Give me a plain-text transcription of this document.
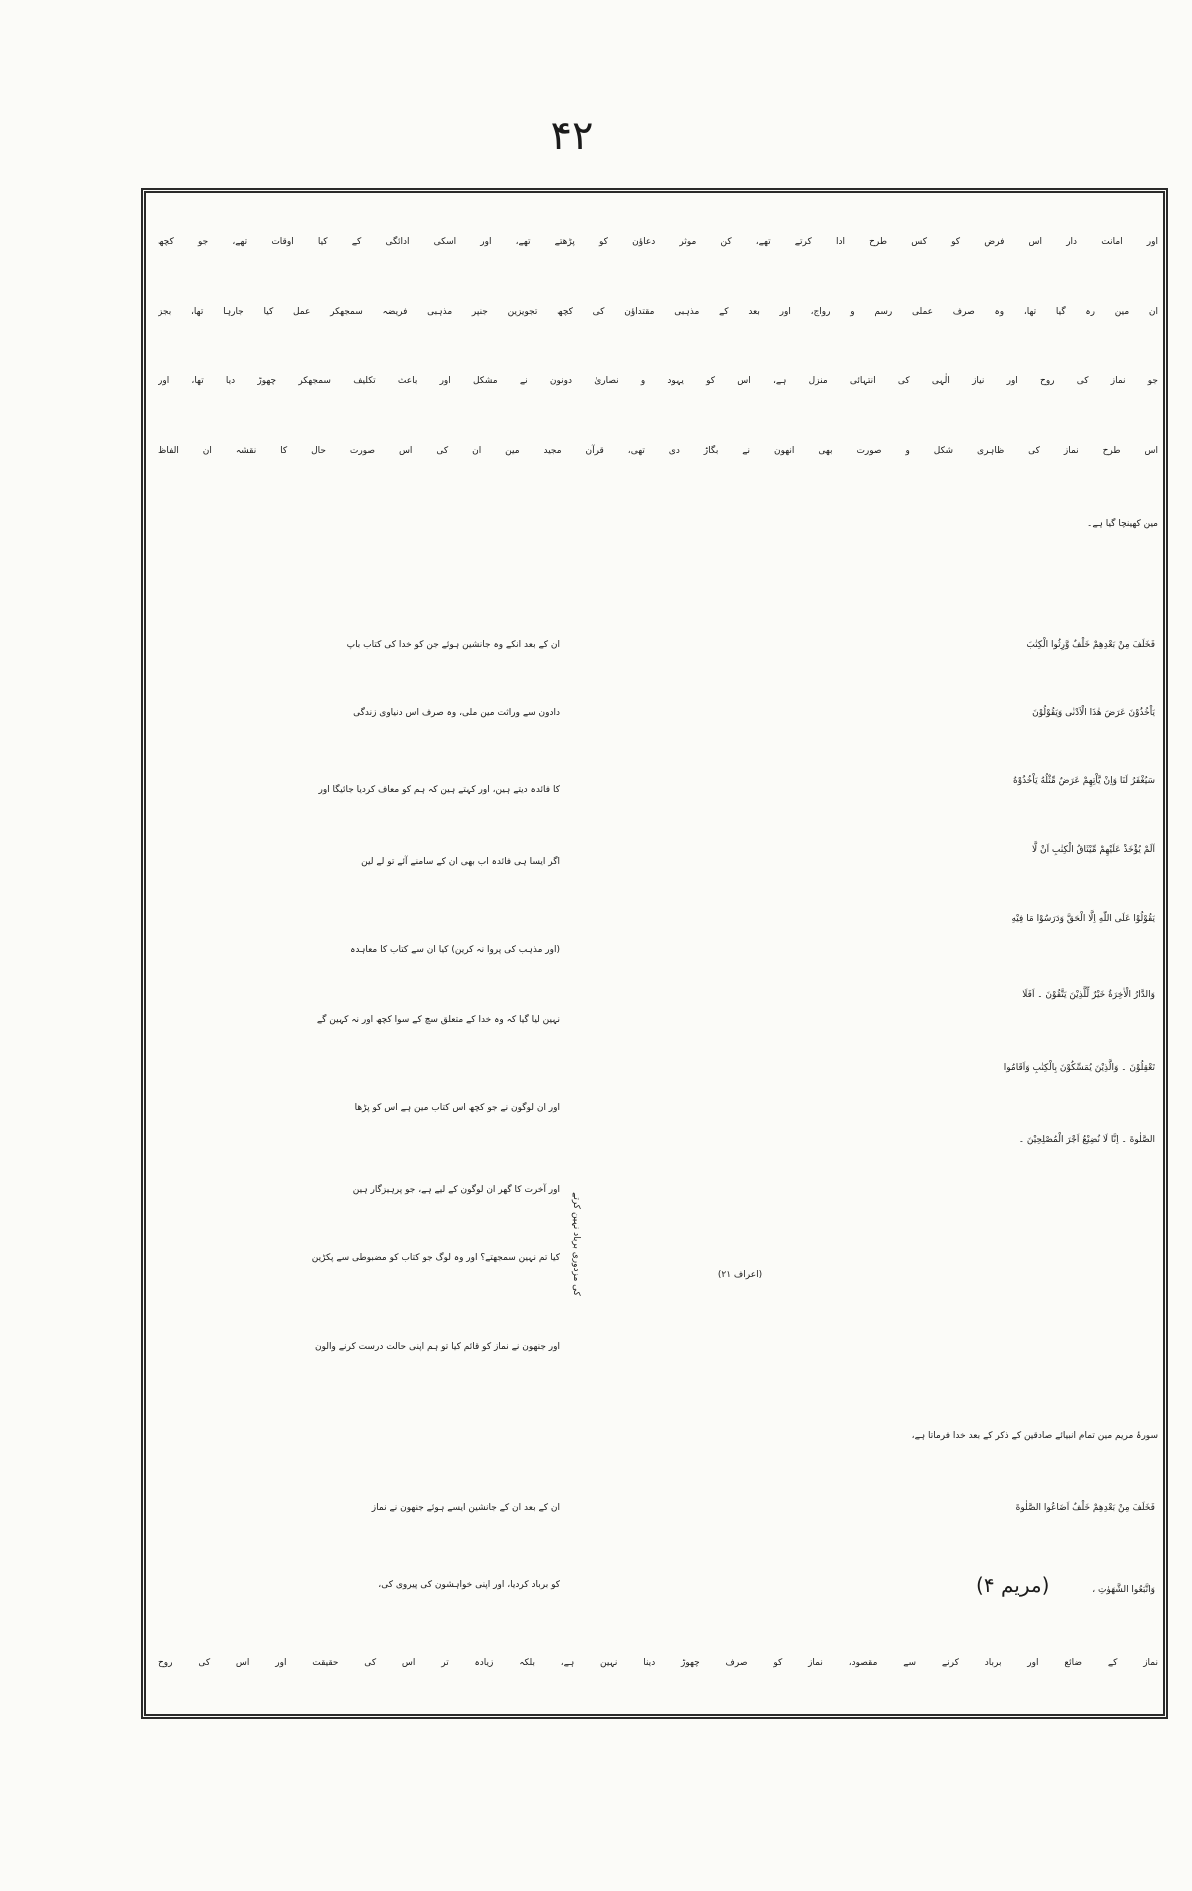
۴۲
اور امانت دار اس فرض کو کس طرح ادا کرتے تھے، کن موثر دعاؤن کو پڑھتے تھے، اور اسکی ادائگی کے کیا اوقات تھے، جو کچھ
ان مین رہ گیا تھا، وہ صرف عملی رسم و رواج، اور بعد کے مذہبی مقتداؤن کی کچھ تجویزین جنپر مذہبی فریضہ سمجھکر عمل کیا جارہا تھا، بجز
جو نماز کی روح اور نیاز الٰہی کی انتہائی منزل ہے، اس کو یہود و نصاریٰ دونون نے مشکل اور باعث تکلیف سمجھکر چھوڑ دیا تھا، اور
اس طرح نماز کی ظاہری شکل و صورت بھی انھون نے بگاڑ دی تھی، قرآن مجید مین ان کی اس صورت حال کا نقشہ ان الفاظ
مین کھینچا گیا ہے۔
فَخَلَفَ مِنْ بَعْدِهِمْ خَلْفٌ وَّرِثُوا الْكِتٰبَ
يَاْخُذُوْنَ عَرَضَ هٰذَا الْاَدْنٰى وَيَقُوْلُوْنَ
سَيُغْفَرُ لَنَا وَاِنْ يَّاْتِهِمْ عَرَضٌ مِّثْلُهُ يَاْخُذُوْهُ
اَلَمْ يُؤْخَذْ عَلَيْهِمْ مِّيْثَاقُ الْكِتٰبِ اَنْ لَّا
يَقُوْلُوْا عَلَى اللّٰهِ اِلَّا الْحَقَّ وَدَرَسُوْا مَا فِيْهِ
وَالدَّارُ الْاٰخِرَةُ خَيْرٌ لِّلَّذِيْنَ يَتَّقُوْنَ ۔ اَفَلَا
تَعْقِلُوْنَ ۔ وَالَّذِيْنَ يُمَسِّكُوْنَ بِالْكِتٰبِ وَاَقَامُوا
الصَّلٰوةَ ۔ اِنَّا لَا نُضِيْعُ اَجْرَ الْمُصْلِحِيْنَ ۔
(اعراف ۲۱)
ان کے بعد انکے وہ جانشین ہوئے جن کو خدا کی کتاب باپ
دادون سے وراثت مین ملی، وہ صرف اس دنیاوی زندگی
کا فائدہ دیتے ہین، اور کہتے ہین کہ ہم کو معاف کردیا جائیگا اور
اگر ایسا ہی فائدہ اب بھی ان کے سامنے آئے تو لے لین
(اور مذہب کی پروا نہ کرین) کیا ان سے کتاب کا معاہدہ
نہین لیا گیا کہ وہ خدا کے متعلق سچ کے سوا کچھ اور نہ کہین گے
اور ان لوگون نے جو کچھ اس کتاب مین ہے اس کو پڑھا
اور آخرت کا گھر ان لوگون کے لیے ہے، جو پرہیزگار ہین
کیا تم نہین سمجھتے؟ اور وہ لوگ جو کتاب کو مضبوطی سے پکڑین
اور جنھون نے نماز کو قائم کیا تو ہم اپنی حالت درست کرنے والون
کی مزدوری برباد نہین کرتے
سورۂ مریم مین تمام انبیائے صادقین کے ذکر کے بعد خدا فرماتا ہے،
فَخَلَفَ مِنْ بَعْدِهِمْ خَلْفٌ اَضَاعُوا الصَّلٰوةَ
وَاتَّبَعُوا الشَّهَوٰتِ ، (مریم ۴)
ان کے بعد ان کے جانشین ایسے ہوئے جنھون نے نماز
کو برباد کردیا، اور اپنی خواہشون کی پیروی کی،
نماز کے ضائع اور برباد کرنے سے مقصود، نماز کو صرف چھوڑ دینا نہین ہے، بلکہ زیادہ تر اس کی حقیقت اور اس کی روح
